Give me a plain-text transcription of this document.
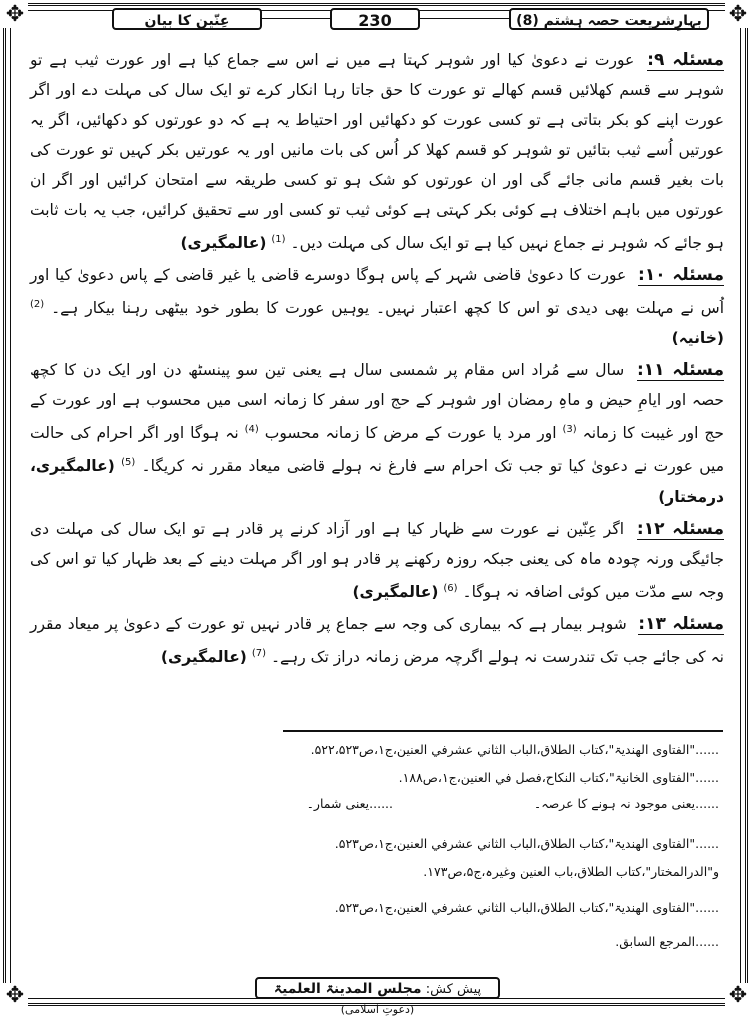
✥	✥
✥	✥
بہارِشریعت حصہ ہشتم (8)
230
عِنّین کا بیان

مسئلہ ۹: عورت نے دعویٰ کیا اور شوہر کہتا ہے میں نے اس سے جماع کیا ہے اور عورت ثیب ہے تو شوہر سے قسم کھلائیں قسم کھالے تو عورت کا حق جاتا رہا انکار کرے تو ایک سال کی مہلت دے اور اگر عورت اپنے کو بکر بتاتی ہے تو کسی عورت کو دکھائیں اور احتیاط یہ ہے کہ دو عورتوں کو دکھائیں، اگر یہ عورتیں اُسے ثیب بتائیں تو شوہر کو قسم کھلا کر اُس کی بات مانیں اور یہ عورتیں بکر کہیں تو عورت کی بات بغیر قسم مانی جائے گی اور ان عورتوں کو شک ہو تو کسی طریقہ سے امتحان کرائیں اور اگر ان عورتوں میں باہم اختلاف ہے کوئی بکر کہتی ہے کوئی ثیب تو کسی اور سے تحقیق کرائیں، جب یہ بات ثابت ہو جائے کہ شوہر نے جماع نہیں کیا ہے تو ایک سال کی مہلت دیں۔ $^{(1)}$ (عالمگیری)

مسئلہ ۱۰: عورت کا دعویٰ قاضی شہر کے پاس ہوگا دوسرے قاضی یا غیر قاضی کے پاس دعویٰ کیا اور اُس نے مہلت بھی دیدی تو اس کا کچھ اعتبار نہیں۔ یوہیں عورت کا بطور خود بیٹھی رہنا بیکار ہے۔ $^{(2)}$ (خانیہ)

مسئلہ ۱۱: سال سے مُراد اس مقام پر شمسی سال ہے یعنی تین سو پینسٹھ دن اور ایک دن کا کچھ حصہ اور ایامِ حیض و ماہِ رمضان اور شوہر کے حج اور سفر کا زمانہ اسی میں محسوب ہے اور عورت کے حج اور غیبت کا زمانہ $^{(3)}$ اور مرد یا عورت کے مرض کا زمانہ محسوب $^{(4)}$ نہ ہوگا اور اگر احرام کی حالت میں عورت نے دعویٰ کیا تو جب تک احرام سے فارغ نہ ہولے قاضی میعاد مقرر نہ کریگا۔ $^{(5)}$ (عالمگیری، درمختار)

مسئلہ ۱۲: اگر عِنّین نے عورت سے ظہار کیا ہے اور آزاد کرنے پر قادر ہے تو ایک سال کی مہلت دی جائیگی ورنہ چودہ ماہ کی یعنی جبکہ روزہ رکھنے پر قادر ہو اور اگر مہلت دینے کے بعد ظہار کیا تو اس کی وجہ سے مدّت میں کوئی اضافہ نہ ہوگا۔ $^{(6)}$ (عالمگیری)

مسئلہ ۱۳: شوہر بیمار ہے کہ بیماری کی وجہ سے جماع پر قادر نہیں تو عورت کے دعویٰ پر میعاد مقرر نہ کی جائے جب تک تندرست نہ ہولے اگرچہ مرض زمانہ دراز تک رہے۔ $^{(7)}$ (عالمگیری)

......"الفتاوی الھندیۃ"،کتاب الطلاق،الباب الثاني عشرفي العنین،ج۱،ص۵۲۲،۵۲۳.
......"الفتاوی الخانیۃ"،کتاب النکاح،فصل في العنین،ج۱،ص۱۸۸.
......یعنی موجود نہ ہونے کا عرصہ۔
......یعنی شمار۔
......"الفتاوی الھندیۃ"،کتاب الطلاق،الباب الثاني عشرفي العنین،ج۱،ص۵۲۳.
و"الدرالمختار"،کتاب الطلاق،باب العنین وغیرہ،ج۵،ص۱۷۳.
......"الفتاوی الھندیۃ"،کتاب الطلاق،الباب الثاني عشرفي العنین،ج۱،ص۵۲۳.
......المرجع السابق.
پیش کش: مجلس المدینۃ العلمیۃ (دعوتِ اسلامی)
